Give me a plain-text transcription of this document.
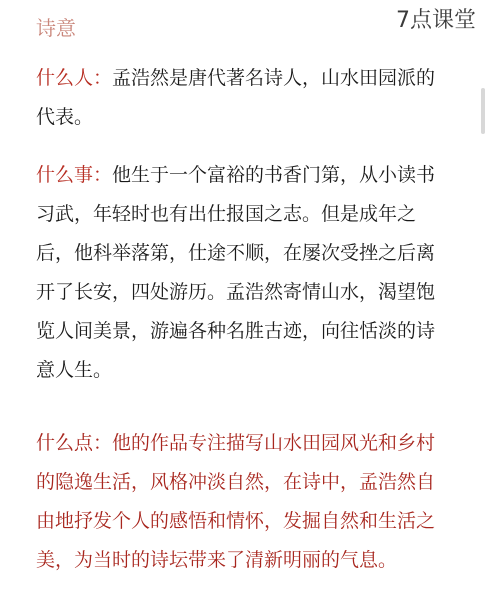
诗意	7点课堂

什么人：孟浩然是唐代著名诗人，山水田园派的
代表。

什么事：他生于一个富裕的书香门第，从小读书
习武，年轻时也有出仕报国之志。但是成年之
后，他科举落第，仕途不顺，在屡次受挫之后离
开了长安，四处游历。孟浩然寄情山水，渴望饱
览人间美景，游遍各种名胜古迹，向往恬淡的诗
意人生。

什么点：他的作品专注描写山水田园风光和乡村
的隐逸生活，风格冲淡自然，在诗中，孟浩然自
由地抒发个人的感悟和情怀，发掘自然和生活之
美，为当时的诗坛带来了清新明丽的气息。
